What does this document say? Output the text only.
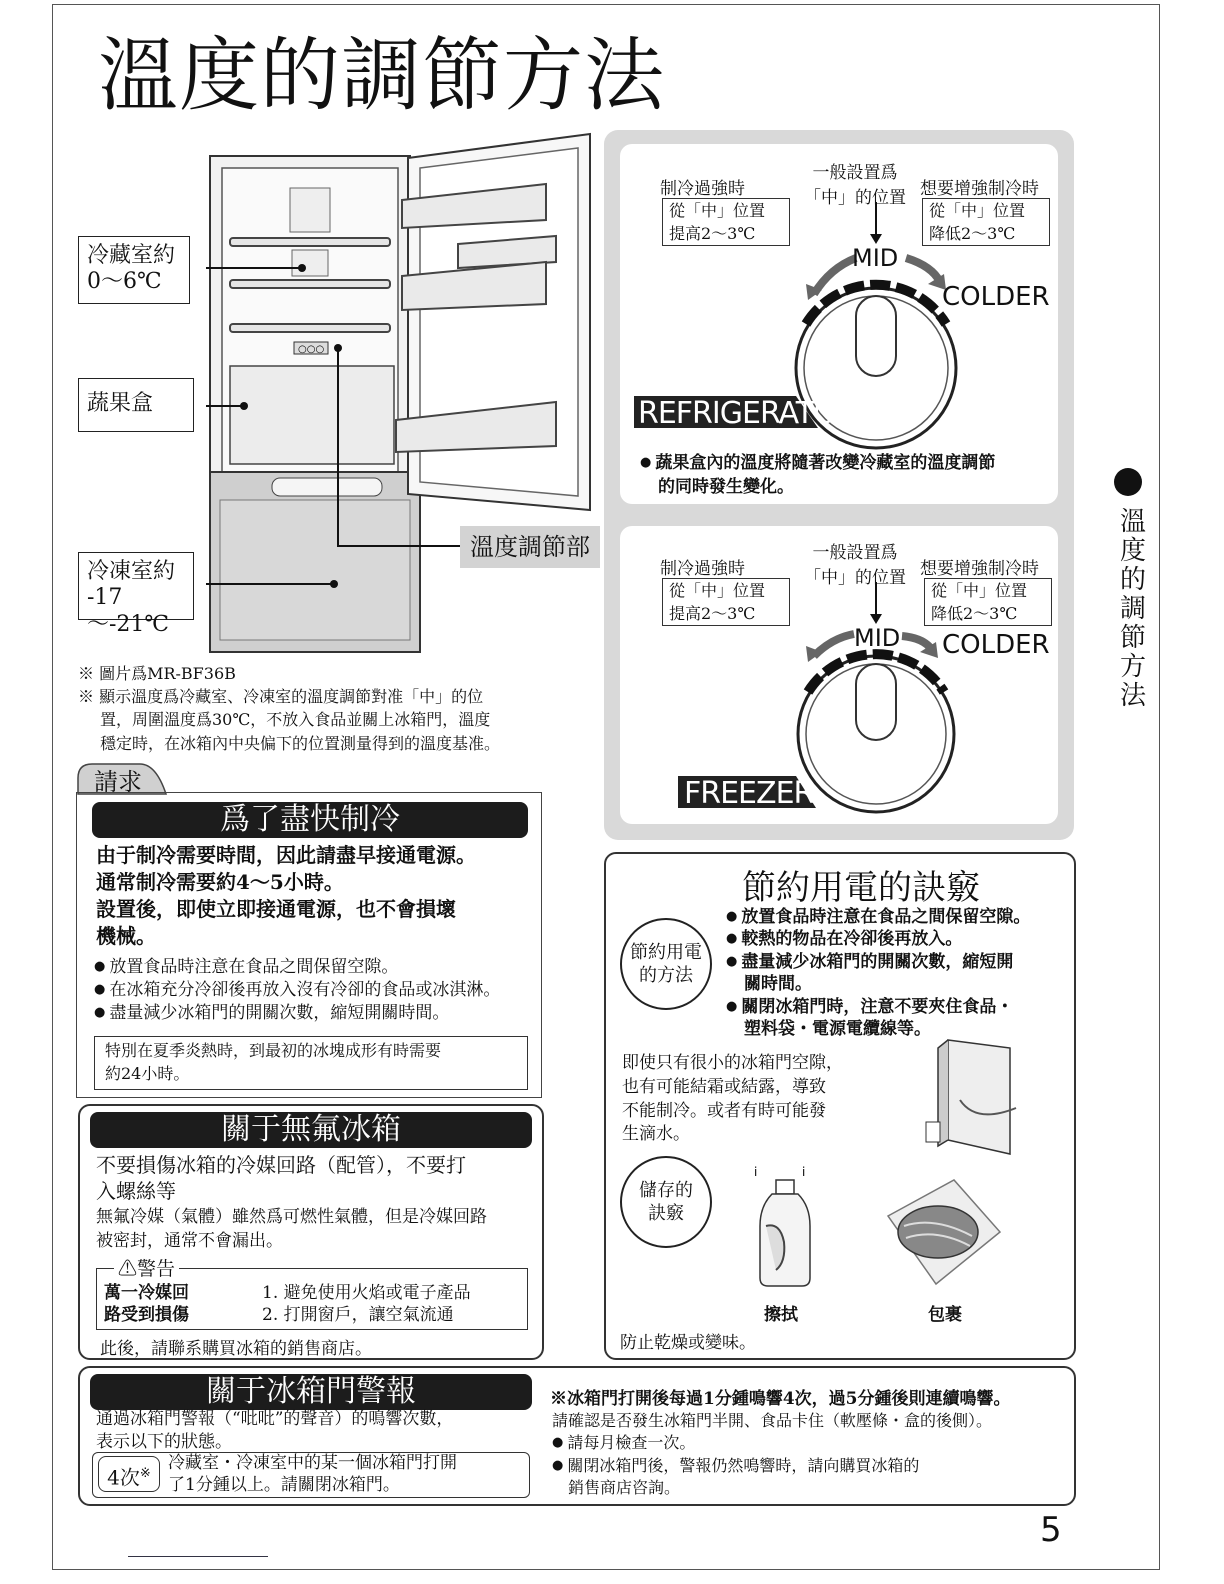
溫度的調節方法
○○○
冷藏室約
0～6℃
蔬果盒
冷凍室約
-17～-21℃
溫度調節部
※ 圖片爲MR-BF36B
※ 顯示溫度爲冷藏室、冷凍室的溫度調節對准「中」的位
置，周圍溫度爲30℃，不放入食品並關上冰箱門，溫度
穩定時，在冰箱內中央偏下的位置測量得到的溫度基准。
制冷過強時
從「中」位置
提高2～3℃
一般設置爲
「中」的位置 想要增強制冷時
從「中」位置
降低2～3℃
MID
COLDER
REFRIGERATOR
● 蔬果盒內的溫度將隨著改變冷藏室的溫度調節
的同時發生變化。
制冷過強時
從「中」位置
提高2～3℃
一般設置爲
「中」的位置 想要增強制冷時
從「中」位置
降低2～3℃
MID COLDER
FREEZER
請求
爲了盡快制冷
由于制冷需要時間，因此請盡早接通電源。
通常制冷需要約4～5小時。
設置後，即使立即接通電源，也不會損壞
機械。
● 放置食品時注意在食品之間保留空隙。
● 在冰箱充分冷卻後再放入沒有冷卻的食品或冰淇淋。
● 盡量減少冰箱門的開關次數，縮短開關時間。
特別在夏季炎熱時，到最初的冰塊成形有時需要
約24小時。
關于無氟冰箱
不要損傷冰箱的冷媒回路（配管），不要打
入螺絲等
無氟冷媒（氣體）雖然爲可燃性氣體，但是冷媒回路
被密封，通常不會漏出。
⚠警告
萬一冷媒回
路受到損傷
1. 避免使用火焰或電子產品
2. 打開窗戶，讓空氣流通
此後，請聯系購買冰箱的銷售商店。
節約用電的訣竅
節約用電
的方法
● 放置食品時注意在食品之間保留空隙。
● 較熱的物品在冷卻後再放入。
● 盡量減少冰箱門的開關次數，縮短開
關時間。
● 關閉冰箱門時，注意不要夾住食品・
塑料袋・電源電纜線等。
即使只有很小的冰箱門空隙，
也有可能結霜或結露，導致
不能制冷。或者有時可能發
生滴水。
儲存的
訣竅
ⅰ	ⅰ
擦拭	包裹
防止乾燥或變味。
關于冰箱門警報
通過冰箱門警報（“吡吡”的聲音）的鳴響次數，
表示以下的狀態。
4次※
冷藏室・冷凍室中的某一個冰箱門打開
了1分鍾以上。請關閉冰箱門。
※冰箱門打開後每過1分鍾鳴響4次，過5分鍾後則連續鳴響。
請確認是否發生冰箱門半開、食品卡住（軟壓條・盒的後側）。
● 請每月檢查一次。
● 關閉冰箱門後，警報仍然鳴響時，請向購買冰箱的
銷售商店咨詢。
溫
度
的
調
節
方
法
5
